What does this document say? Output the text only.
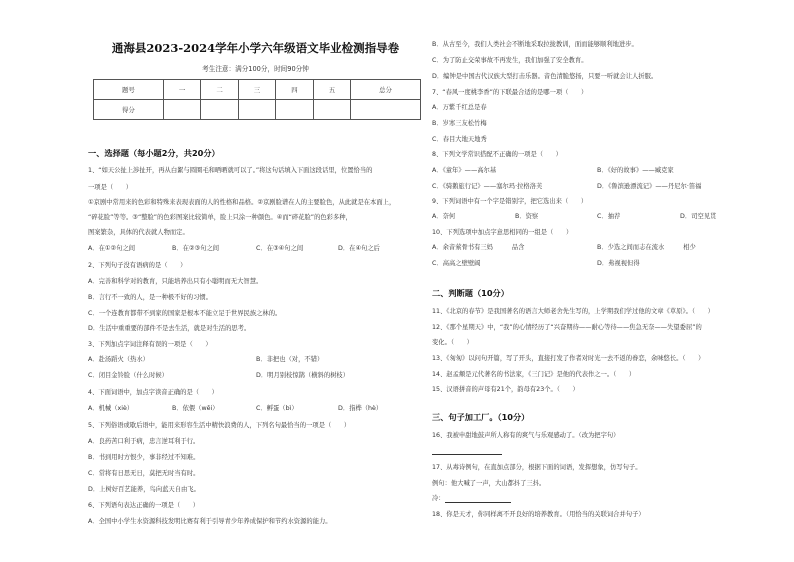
通海县2023-2024学年小学六年级语文毕业检测指导卷
考生注意：满分100分，时间90分钟
题号	一	二	三	四	五	总分
得分						
一、选择题（每小题2分，共20分）
1、“如天公扯上涉扯开，再从白絮与圆圈毛和晒晒就可以了。”将这句话填入下面这段话里，位置恰当的
一项是（　　）
①京剧中常用来的色彩和特殊来表现表面的人的性格和品格。②京剧脸谱在人的主要脸色，从此就是在本面上，
“碎花脸”等等。③“整脸”的色彩图案比较简单，脸上只涂一种颜色。④而“碎花脸”的色彩多种，
图案繁杂，具体的代表就人物而定。
A．在①②句之间	B．在②③句之间	C．在③④句之间	D．在④句之后
2、下列句子没有语病的是（　　）
A．完善和科学对的教育，只能培养出只有小聪明而无大智慧。
B．言行不一致的人，是一种极不好的习惯。
C．一个连教育都带不到家的国家是根本不能立足于世界民族之林的。
D．生活中重重要的部件不是去生活，就是对生活的思考。
3、下列加点字词注释有误的一项是（　　）
A．赴汤蹈火（热水）	B．非把也（对，不错）
C．闭目金铃脸（什么时候）	D．明月别枝惊鹊（横斜的树枝）
4、下面词语中，加点字读音正确的是（　　）
A．机械（xiè）	B．依偎（wēi）	C．孵蛋（bì）	D．指桦（hè）
5、下列俗语或歇后语中，能用来形容生活中精快浪费的人，下列名句最恰当的一项是（　　）
A．良药苦口利于病，忠言逆耳利于行。
B．书到用时方恨少，事非经过不知难。
C．常将有日思无日，莫把无时当有时。
D．上树好百艺能养，鸟向蓝天自由飞。
6、下列语句表达正确的一项是（　　）
A．全国中小学生水资源科技发明比赛有利于引导青少年养成保护和节约水资源的能力。
B．从古至今，我们人类社会不断地采取拉拢教训，面而能够顺利地进步。
C．为了防止交荣事故不再发生，我们加强了安全教育。
D．编钟是中国古代汉族大型打击乐器。音色清脆悠扬，只要一听就会让人折服。
7、“春风一度桃李香”的下联最合适的是哪一项（　　）
A．万紫千红总是春
B．岁寒三友松竹梅
C．春目大地天地秀
8、下列文学常识搭配不正确的一项是（　　）
A．《童年》——高尔基	B．《好的故事》——臧克家
C．《骑鹅旅行记》——塞尔玛·拉格洛芙	D．《鲁滨逊漂流记》——丹尼尔·笛福
9、下列词语中有一个字是错别字，把它选出来（　　）
A．奈何	B．资察	C．抽荐	D．司空见贯
10、下列选项中加点字意思相同的一组是（　　）
A．余音萦骨书有三妈　　　品含	B．少选之间而志在流水　　　相少
C．高高之壁壁阔	D．弗视视但得
二、判断题（10分）
11、《北京的春节》是我国著名的语言大师老舍先生写的，上学期我们学过他的文章《草原》。（　　）
12、《那个星期天》中，“我”的心情经历了“兴奋期待——耐心等待——焦急无奈——失望委屈”的
变化。（　　）
13、《匆匆》以问句开篇，写了开头，直接打发了作者对时光一去不返的眷恋，余味悠长。（　　）
14、赵孟頫是元代著名的书法家，《三门记》是他的代表作之一。（　　）
15、汉语拼音的声母有21个，韵母有23个。（　　）
三、句子加工厂。（10分）
16、我被申甜地鼓声所人称有的爽气与乐观感动了。（改为把字句）
17、从毒诗例句，在直加点部分，根据下面的词语，发挥想象，仿写句子。
例句：他大喊了一声，大山都抖了三抖。
冷：
18、你是天才，你同样离不开良好的培养教育。（用恰当的关联词合并句子）
